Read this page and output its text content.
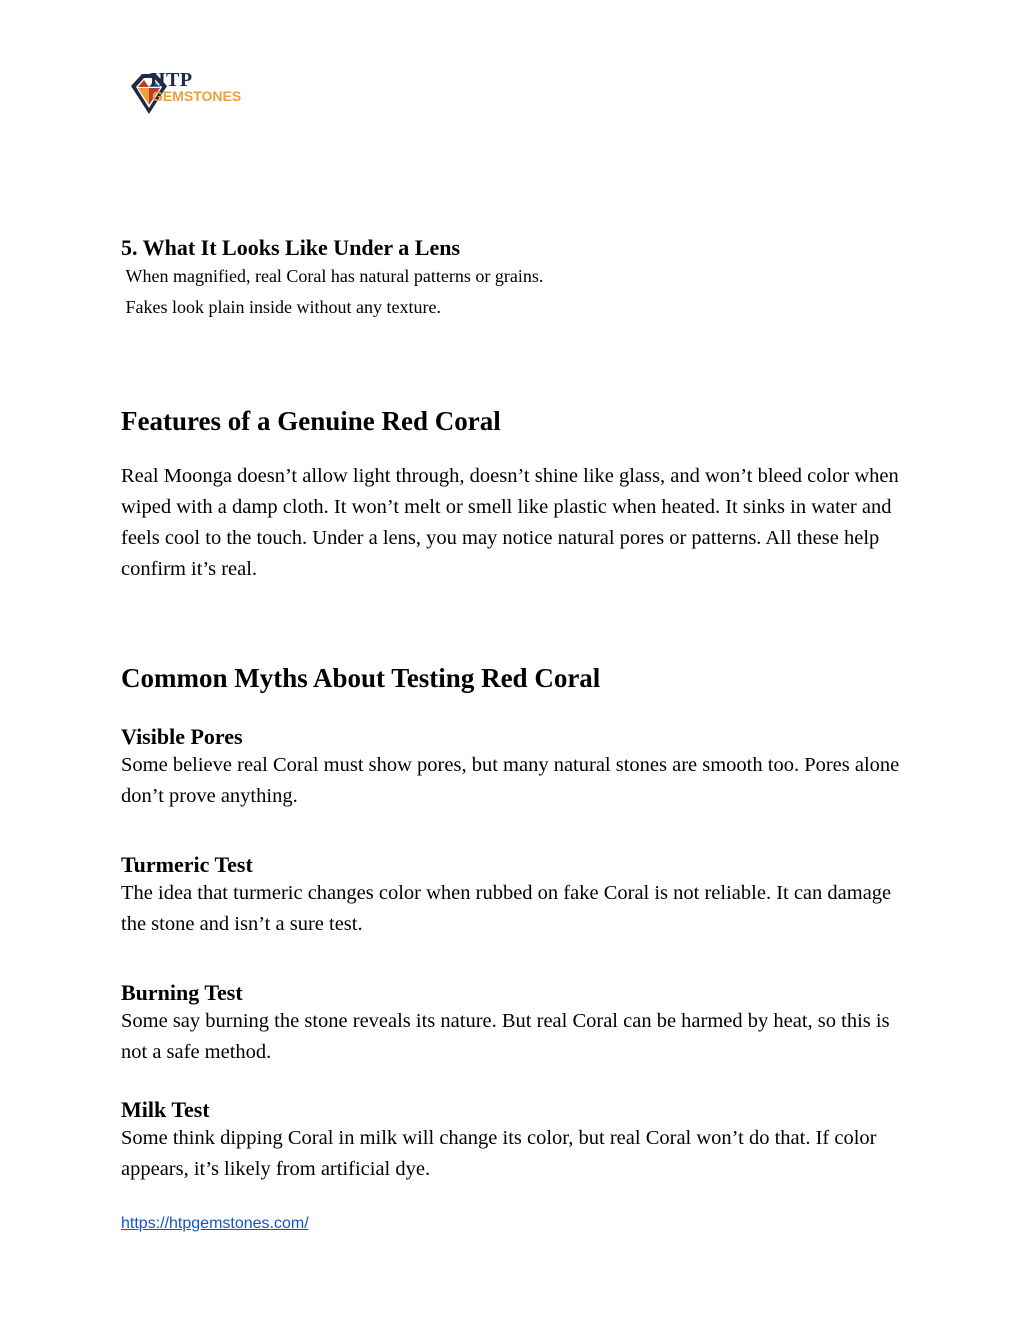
HTP
GEMSTONES
5. What It Looks Like Under a Lens

When magnified, real Coral has natural patterns or grains.

Fakes look plain inside without any texture.

Features of a Genuine Red Coral

Real Moonga doesn’t allow light through, doesn’t shine like glass, and won’t bleed color when wiped with a damp cloth. It won’t melt or smell like plastic when heated. It sinks in water and feels cool to the touch. Under a lens, you may notice natural pores or patterns. All these help confirm it’s real.

Common Myths About Testing Red Coral
Visible Pores

Some believe real Coral must show pores, but many natural stones are smooth too. Pores alone don’t prove anything.

Turmeric Test

The idea that turmeric changes color when rubbed on fake Coral is not reliable. It can damage the stone and isn’t a sure test.

Burning Test

Some say burning the stone reveals its nature. But real Coral can be harmed by heat, so this is not a safe method.

Milk Test

Some think dipping Coral in milk will change its color, but real Coral won’t do that. If color appears, it’s likely from artificial dye.

https://htpgemstones.com/
